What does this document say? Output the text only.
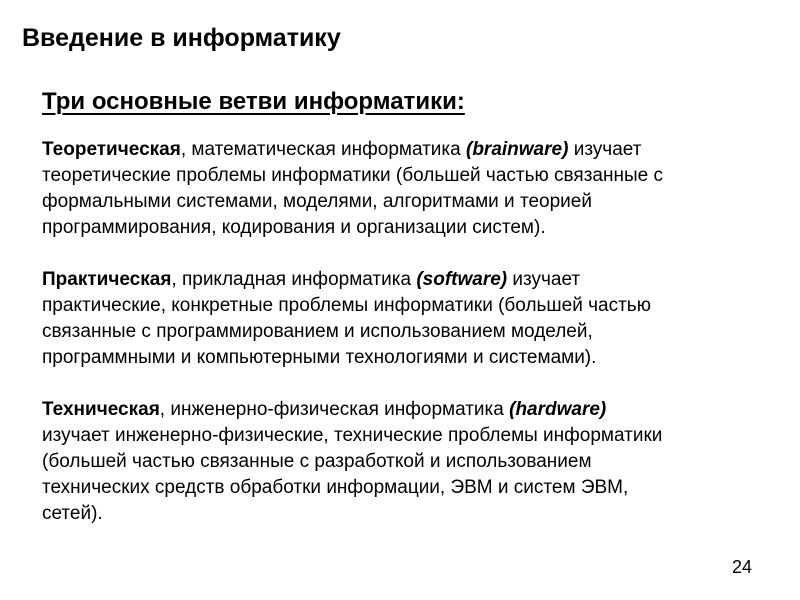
Введение в информатику
Три основные ветви информатики:

Теоретическая, математическая информатика (brainware) изучает
теоретические проблемы информатики (большей частью связанные с
формальными системами, моделями, алгоритмами и теорией
программирования, кодирования и организации систем).

Практическая, прикладная информатика (software) изучает
практические, конкретные проблемы информатики (большей частью
связанные с программированием и использованием моделей,
программными и компьютерными технологиями и системами).

Техническая, инженерно-физическая информатика (hardware)
изучает инженерно-физические, технические проблемы информатики
(большей частью связанные с разработкой и использованием
технических средств обработки информации, ЭВМ и систем ЭВМ,
сетей).

24
